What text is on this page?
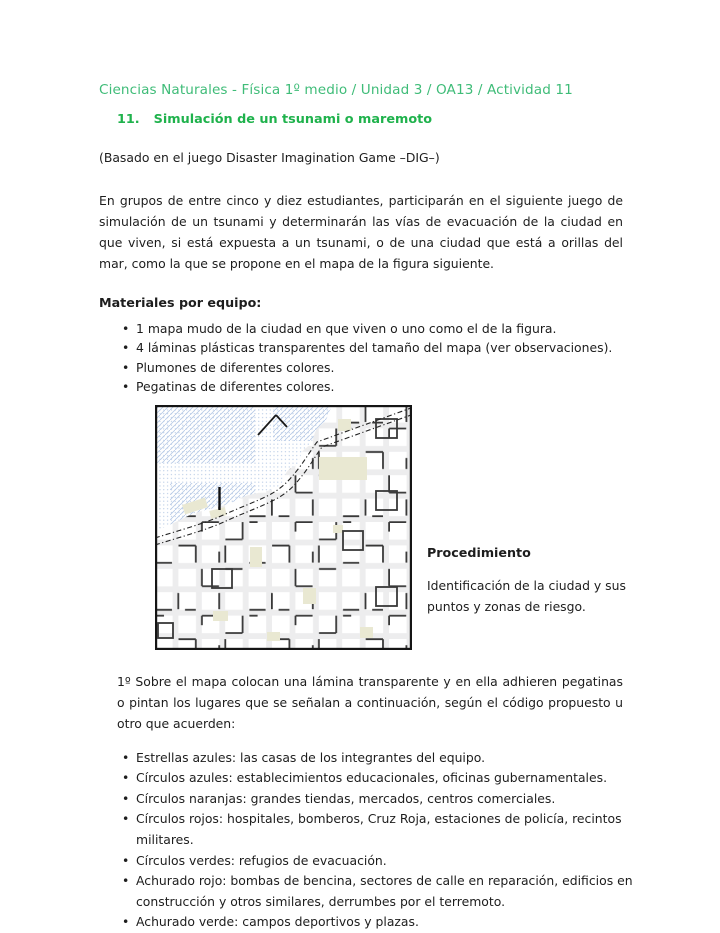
Ciencias Naturales - Física 1º medio / Unidad 3 / OA13 / Actividad 11
11. Simulación de un tsunami o maremoto

(Basado en el juego Disaster Imagination Game –DIG–)

En grupos de entre cinco y diez estudiantes, participarán en el siguiente juego de simulación de un tsunami y determinarán las vías de evacuación de la ciudad en que viven, si está expuesta a un tsunami, o de una ciudad que está a orillas del mar, como la que se propone en el mapa de la figura siguiente.

Materiales por equipo:
• 1 mapa mudo de la ciudad en que viven o uno como el de la figura.
• 4 láminas plásticas transparentes del tamaño del mapa (ver observaciones).
• Plumones de diferentes colores.
• Pegatinas de diferentes colores.
Procedimiento

Identificación de la ciudad y sus puntos y zonas de riesgo.

1º Sobre el mapa colocan una lámina transparente y en ella adhieren pegatinas o pintan los lugares que se señalan a continuación, según el código propuesto u otro que acuerden:

• Estrellas azules: las casas de los integrantes del equipo.
• Círculos azules: establecimientos educacionales, oficinas gubernamentales.
• Círculos naranjas: grandes tiendas, mercados, centros comerciales.
• Círculos rojos: hospitales, bomberos, Cruz Roja, estaciones de policía, recintos militares.
• Círculos verdes: refugios de evacuación.
• Achurado rojo: bombas de bencina, sectores de calle en reparación, edificios en construcción y otros similares, derrumbes por el terremoto.
• Achurado verde: campos deportivos y plazas.
